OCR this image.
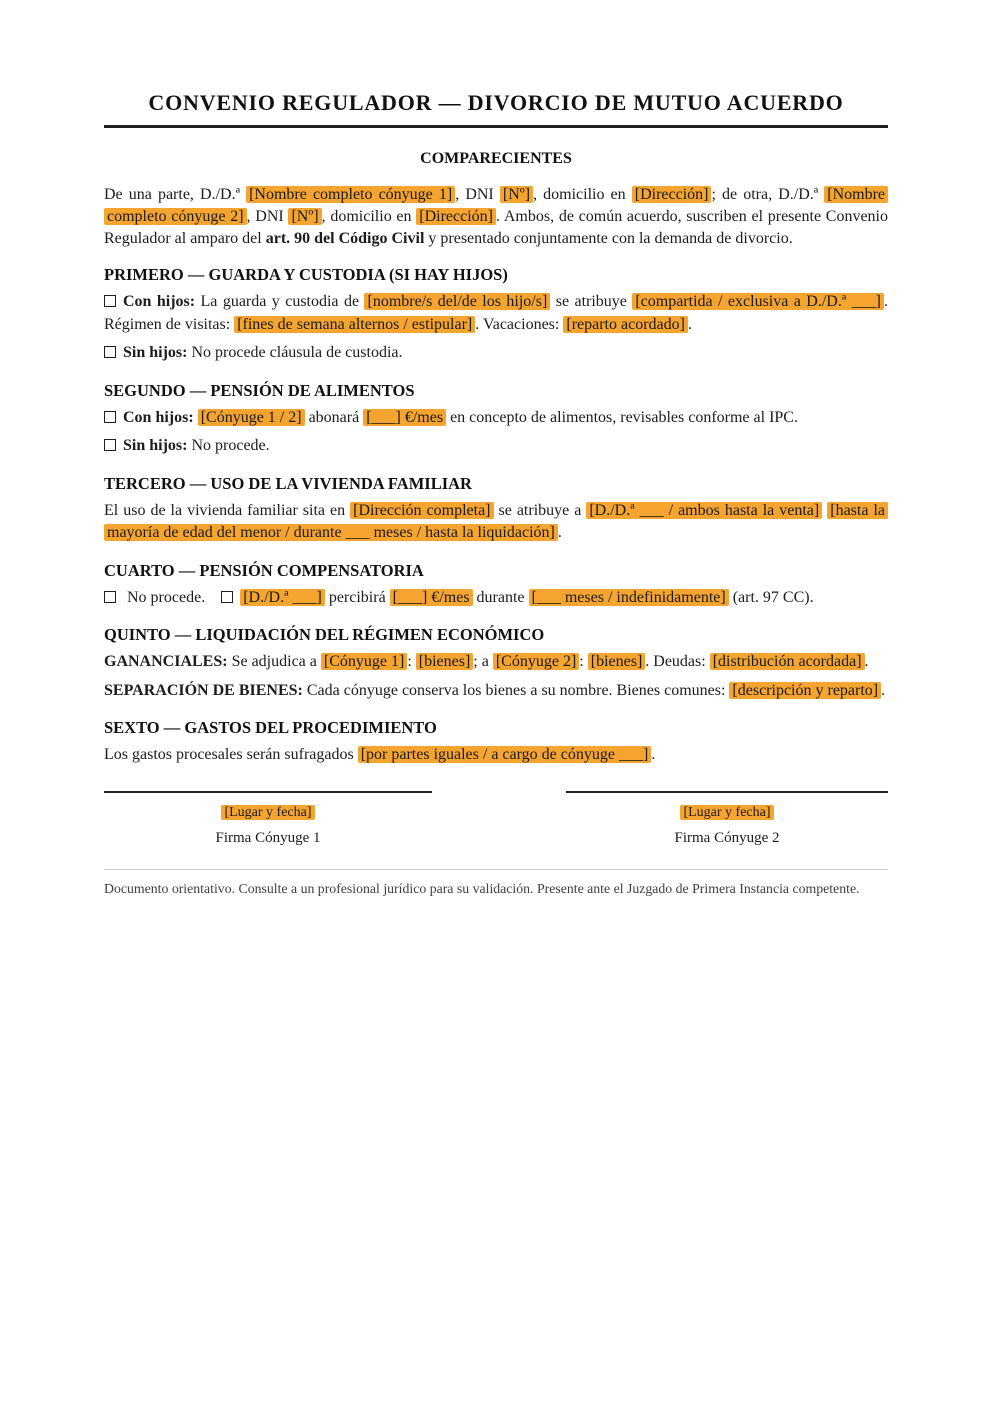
CONVENIO REGULADOR — DIVORCIO DE MUTUO ACUERDO
COMPARECIENTES

De una parte, D./D.ª [Nombre completo cónyuge 1] , DNI [Nº] , domicilio en [Dirección] ; de otra, D./D.ª [Nombre completo cónyuge 2] , DNI [Nº] , domicilio en [Dirección] . Ambos, de común acuerdo, suscriben el presente Convenio Regulador al amparo del art. 90 del Código Civil y presentado conjuntamente con la demanda de divorcio.

PRIMERO — GUARDA Y CUSTODIA (SI HAY HIJOS)

Con hijos: La guarda y custodia de [nombre/s del/de los hijo/s] se atribuye [compartida / exclusiva a D./D.ª ___] . Régimen de visitas: [fines de semana alternos / estipular] . Vacaciones: [reparto acordado] .

Sin hijos: No procede cláusula de custodia.

SEGUNDO — PENSIÓN DE ALIMENTOS

Con hijos: [Cónyuge 1 / 2] abonará [___] €/mes en concepto de alimentos, revisables conforme al IPC.

Sin hijos: No procede.

TERCERO — USO DE LA VIVIENDA FAMILIAR

El uso de la vivienda familiar sita en [Dirección completa] se atribuye a [D./D.ª ___ / ambos hasta la venta] [hasta la mayoría de edad del menor / durante ___ meses / hasta la liquidación] .

CUARTO — PENSIÓN COMPENSATORIA

No procede. [D./D.ª ___] percibirá [___] €/mes durante [___ meses / indefinidamente] (art. 97 CC).

QUINTO — LIQUIDACIÓN DEL RÉGIMEN ECONÓMICO

GANANCIALES: Se adjudica a [Cónyuge 1] : [bienes] ; a [Cónyuge 2] : [bienes] . Deudas: [distribución acordada] .

SEPARACIÓN DE BIENES: Cada cónyuge conserva los bienes a su nombre. Bienes comunes: [descripción y reparto] .

SEXTO — GASTOS DEL PROCEDIMIENTO

Los gastos procesales serán sufragados [por partes iguales / a cargo de cónyuge ___] .

[Lugar y fecha]
Firma Cónyuge 1
[Lugar y fecha]
Firma Cónyuge 2

Documento orientativo. Consulte a un profesional jurídico para su validación. Presente ante el Juzgado de Primera Instancia competente.
